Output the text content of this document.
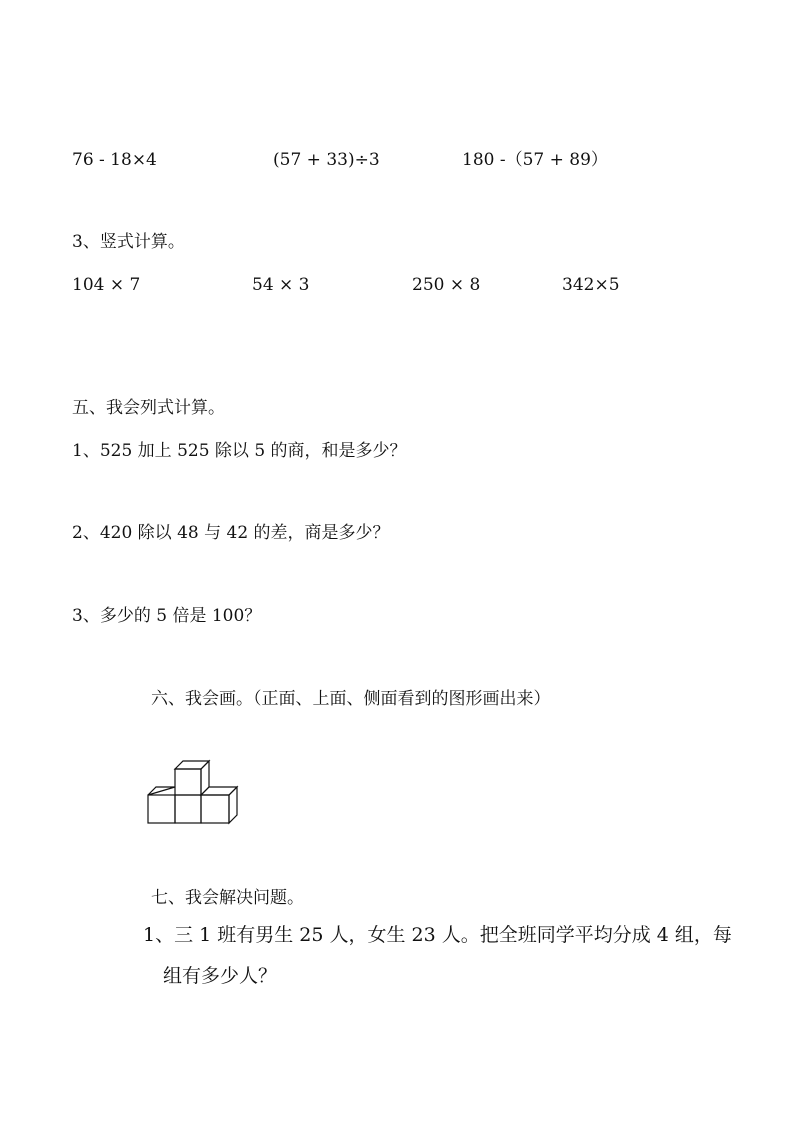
76 - 18×4	(57 + 33)÷3	180 -（57 + 89）
3、竖式计算。
104 × 7	54 × 3	250 × 8	342×5
五、我会列式计算。
1、525 加上 525 除以 5 的商，和是多少？
2、420 除以 48 与 42 的差，商是多少？
3、多少的 5 倍是 100？
六、我会画。（正面、上面、侧面看到的图形画出来）
七、我会解决问题。
1、三 1 班有男生 25 人，女生 23 人。把全班同学平均分成 4 组，每
组有多少人？
